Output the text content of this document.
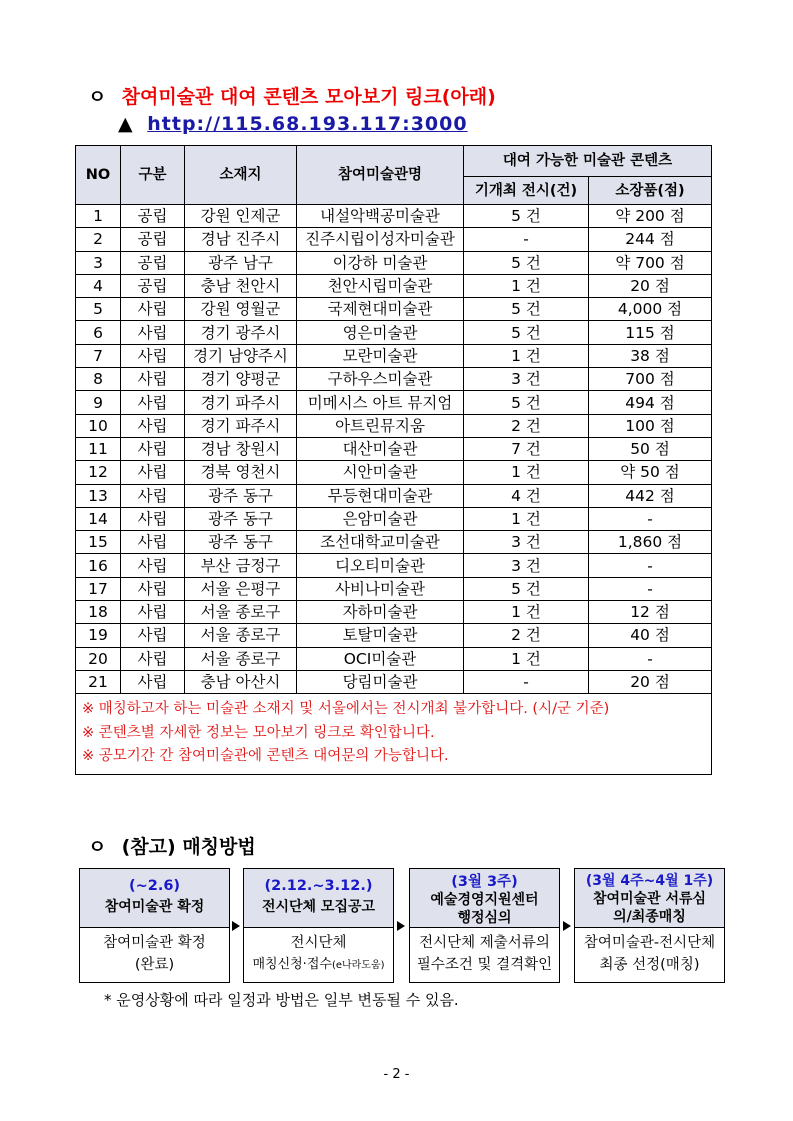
ㅇ 참여미술관 대여 콘텐츠 모아보기 링크(아래)
▲ http://115.68.193.117:3000
NO	구분	소재지	참여미술관명	대여 가능한 미술관 콘텐츠	
				기개최 전시(건)	소장품(점)
1	공립	강원 인제군	내설악백공미술관	5 건	약 200 점
2	공립	경남 진주시	진주시립이성자미술관	-	244 점
3	공립	광주 남구	이강하 미술관	5 건	약 700 점
4	공립	충남 천안시	천안시립미술관	1 건	20 점
5	사립	강원 영월군	국제현대미술관	5 건	4,000 점
6	사립	경기 광주시	영은미술관	5 건	115 점
7	사립	경기 남양주시	모란미술관	1 건	38 점
8	사립	경기 양평군	구하우스미술관	3 건	700 점
9	사립	경기 파주시	미메시스 아트 뮤지엄	5 건	494 점
10	사립	경기 파주시	아트린뮤지움	2 건	100 점
11	사립	경남 창원시	대산미술관	7 건	50 점
12	사립	경북 영천시	시안미술관	1 건	약 50 점
13	사립	광주 동구	무등현대미술관	4 건	442 점
14	사립	광주 동구	은암미술관	1 건	-
15	사립	광주 동구	조선대학교미술관	3 건	1,860 점
16	사립	부산 금정구	디오티미술관	3 건	-
17	사립	서울 은평구	사비나미술관	5 건	-
18	사립	서울 종로구	자하미술관	1 건	12 점
19	사립	서울 종로구	토탈미술관	2 건	40 점
20	사립	서울 종로구	OCI미술관	1 건	-
21	사립	충남 아산시	당림미술관	-	20 점

※ 매칭하고자 하는 미술관 소재지 및 서울에서는 전시개최 불가합니다. (시/군 기준)
※ 콘텐츠별 자세한 정보는 모아보기 링크로 확인합니다.
※ 공모기간 간 참여미술관에 콘텐츠 대여문의 가능합니다.					
ㅇ (참고) 매칭방법
(~2.6)
참여미술관 확정
참여미술관 확정
(완료)
(2.12.~3.12.)
전시단체 모집공고
전시단체
매칭신청·접수(e나라도움)
(3월 3주)
예술경영지원센터 행정심의
전시단체 제출서류의
필수조건 및 결격확인
(3월 4주~4월 1주)
참여미술관 서류심의/최종매칭
참여미술관-전시단체
최종 선정(매칭)
* 운영상황에 따라 일정과 방법은 일부 변동될 수 있음.
- 2 -
